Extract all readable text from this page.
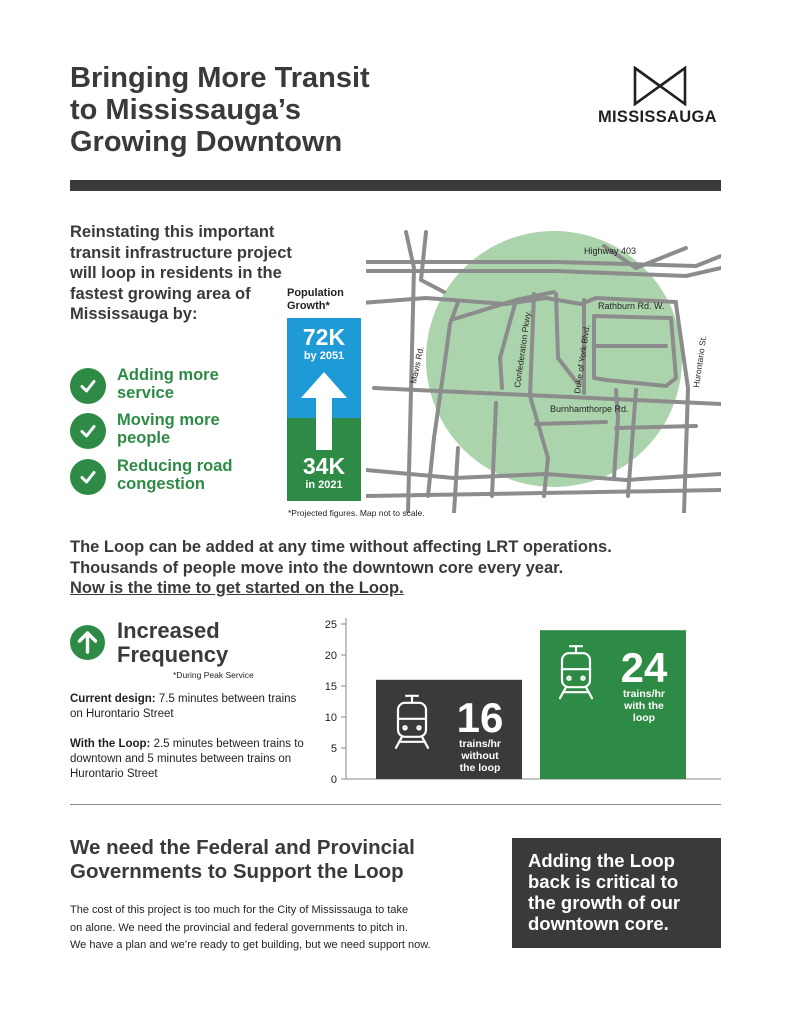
Bringing More Transit
to Mississauga’s
Growing Downtown
MISSISSAUGA
Reinstating this important transit infrastructure project will loop in residents in the fastest growing area of Mississauga by:
Adding more service
Moving more people
Reducing road congestion
Population Growth*
72K
by 2051
34K
in 2021
Highway 403
Rathburn Rd. W.
Burnhamthorpe Rd.
Mavis Rd.	Confederation Pkwy.	Duke of York Blvd.	Hurontario St.
*Projected figures. Map not to scale.
The Loop can be added at any time without affecting LRT operations.
Thousands of people move into the downtown core every year.
Now is the time to get started on the Loop.
Increased
Frequency
*During Peak Service
Current design: 7.5 minutes between trains on Hurontario Street
With the Loop: 2.5 minutes between trains to downtown and 5 minutes between trains on Hurontario Street	0
5
10
15
20
25
16
trains/hr
without
the loop
24
trains/hr
with the
loop
We need the Federal and Provincial
Governments to Support the Loop
The cost of this project is too much for the City of Mississauga to take
on alone. We need the provincial and federal governments to pitch in.
We have a plan and we’re ready to get building, but we need support now.
Adding the Loop
back is critical to
the growth of our
downtown core.
